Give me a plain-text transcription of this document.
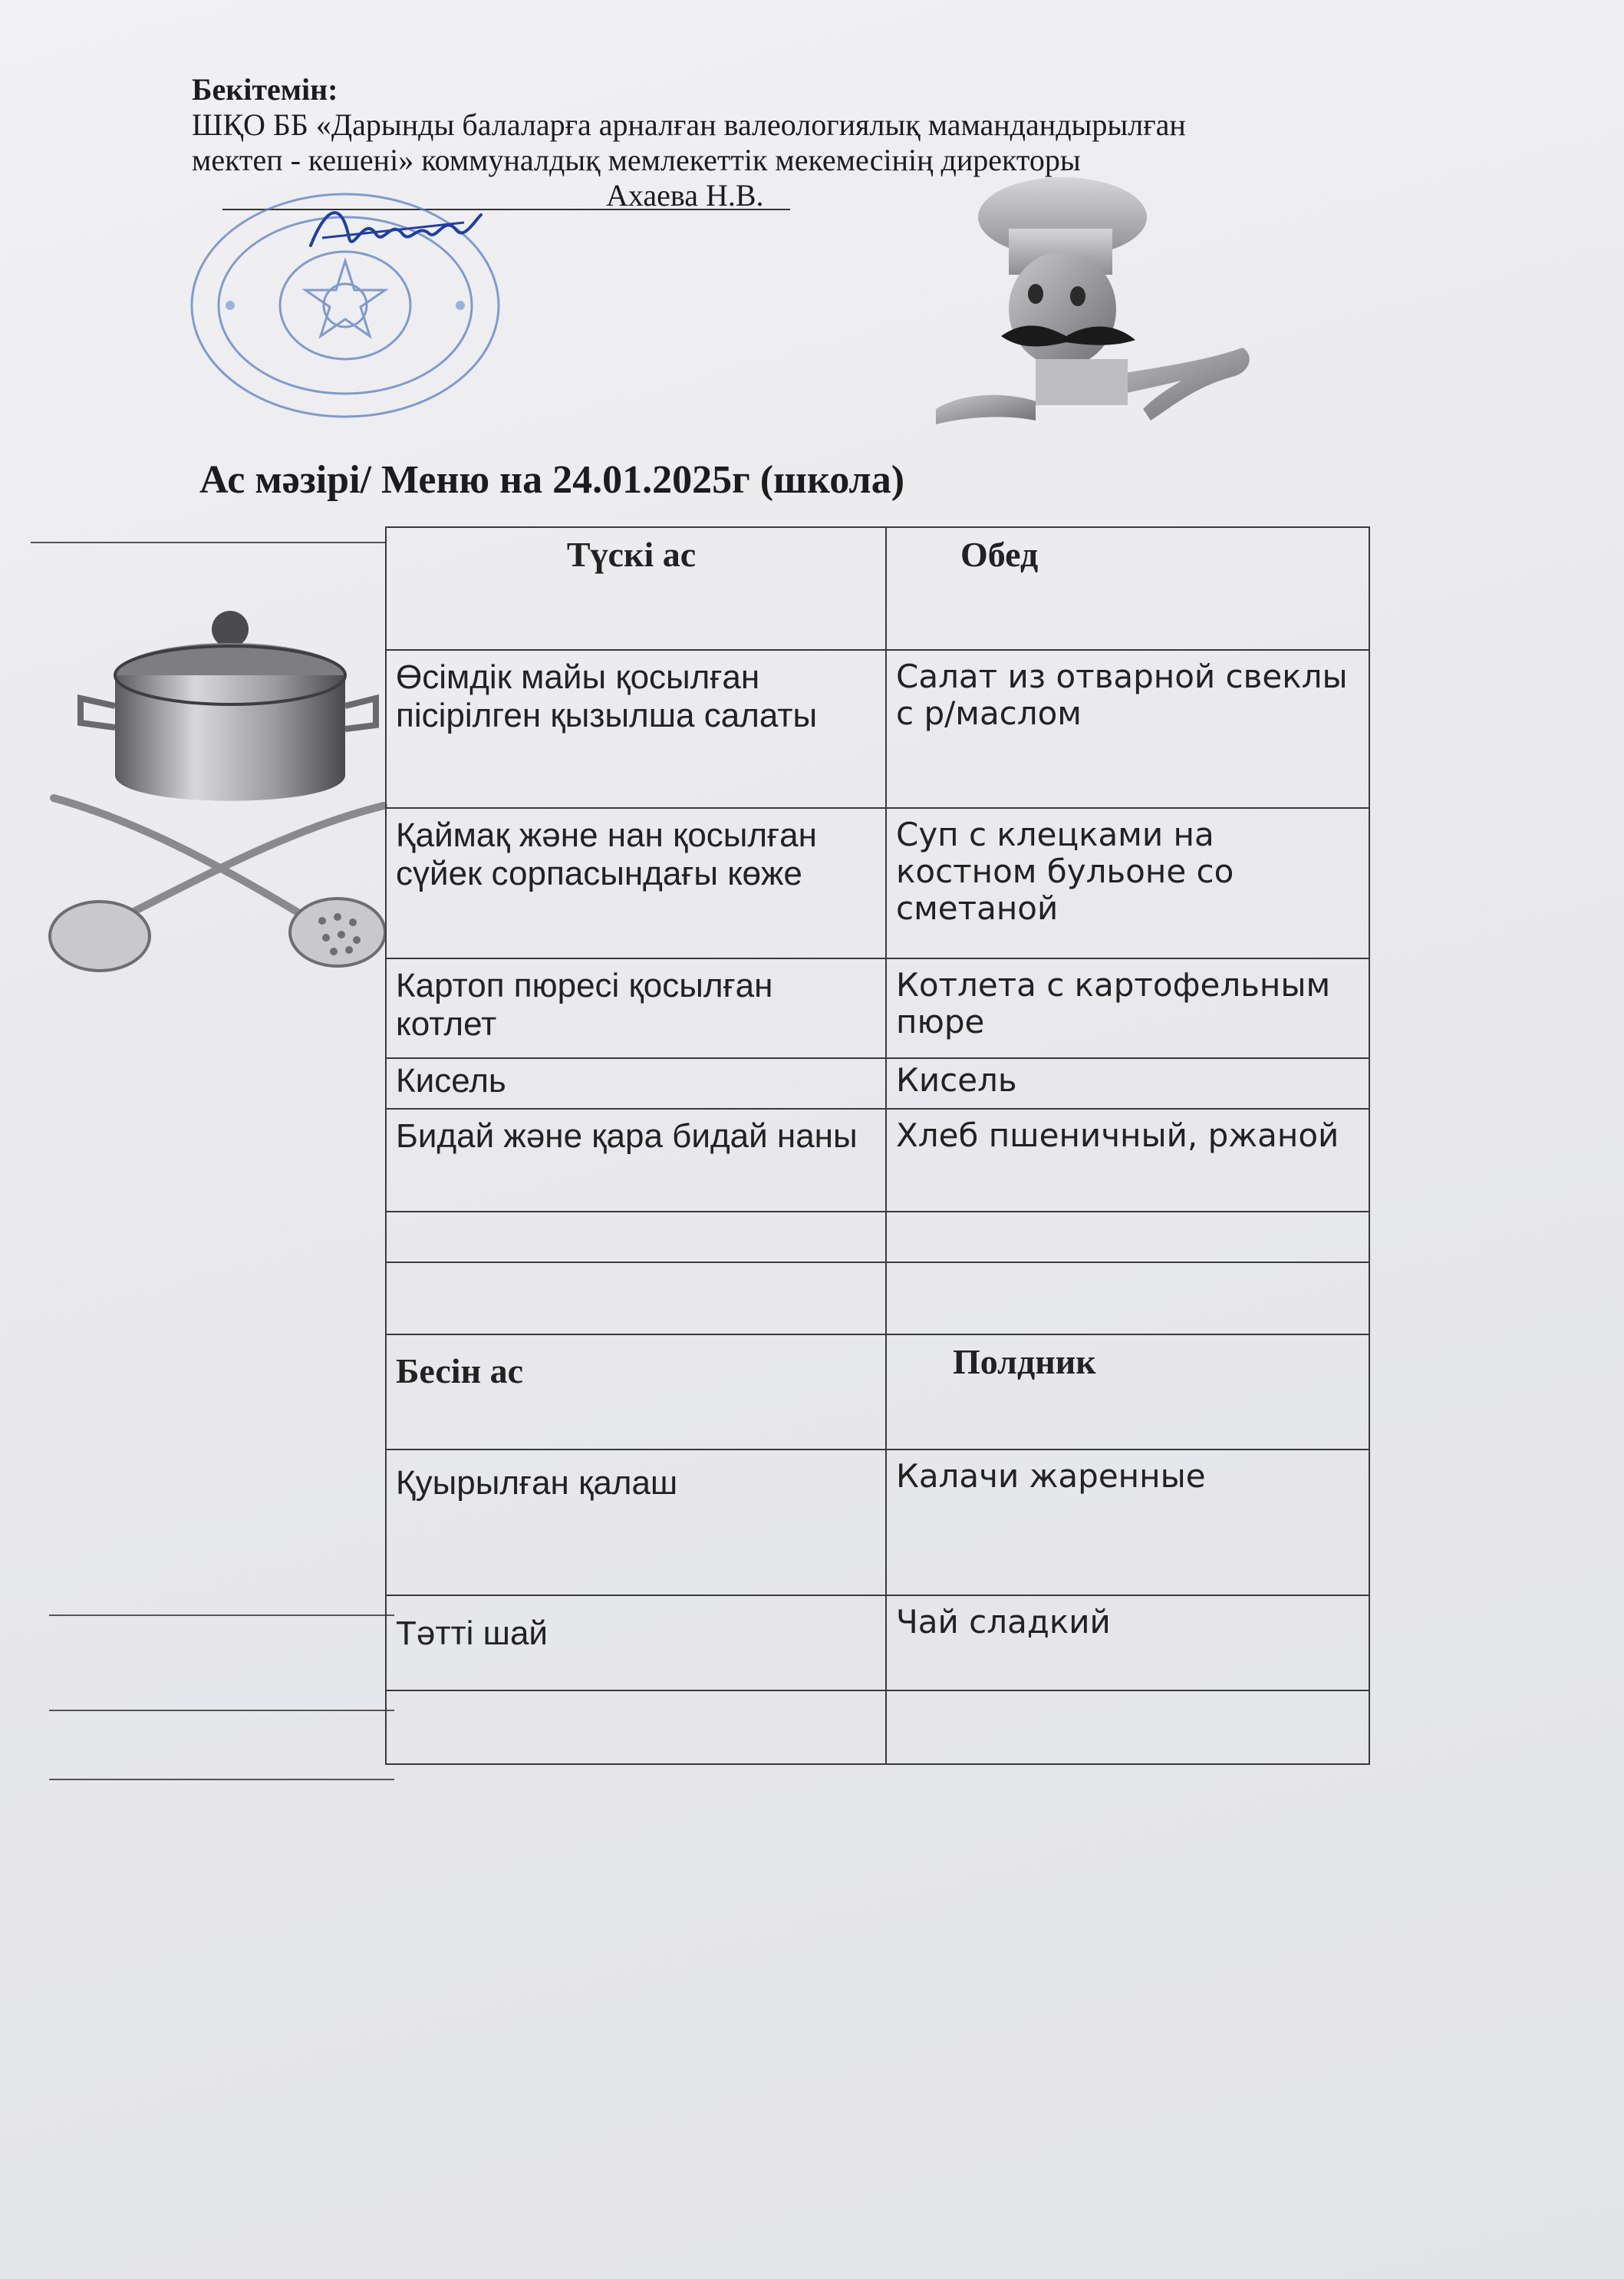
Бекітемін:
ШҚО ББ «Дарынды балаларға арналған валеологиялық мамандандырылған
мектеп - кешені» коммуналдық мемлекеттік мекемесінің директоры
Ахаева Н.В.
Ас мәзірі/ Меню на 24.01.2025г (школа)
Түскі ас	Обед
Өсімдік майы қосылған пісірілген қызылша салаты	Салат из отварной свеклы с р/маслом
Қаймақ және нан қосылған сүйек сорпасындағы көже	Суп с клецками на костном бульоне со сметаной
Картоп пюресі қосылған котлет	Котлета с картофельным пюре
Кисель	Кисель
Бидай және қара бидай наны	Хлеб пшеничный, ржаной

Бесін ас	Полдник
Қуырылған қалаш	Калачи жаренные
Тәтті шай	Чай сладкий
